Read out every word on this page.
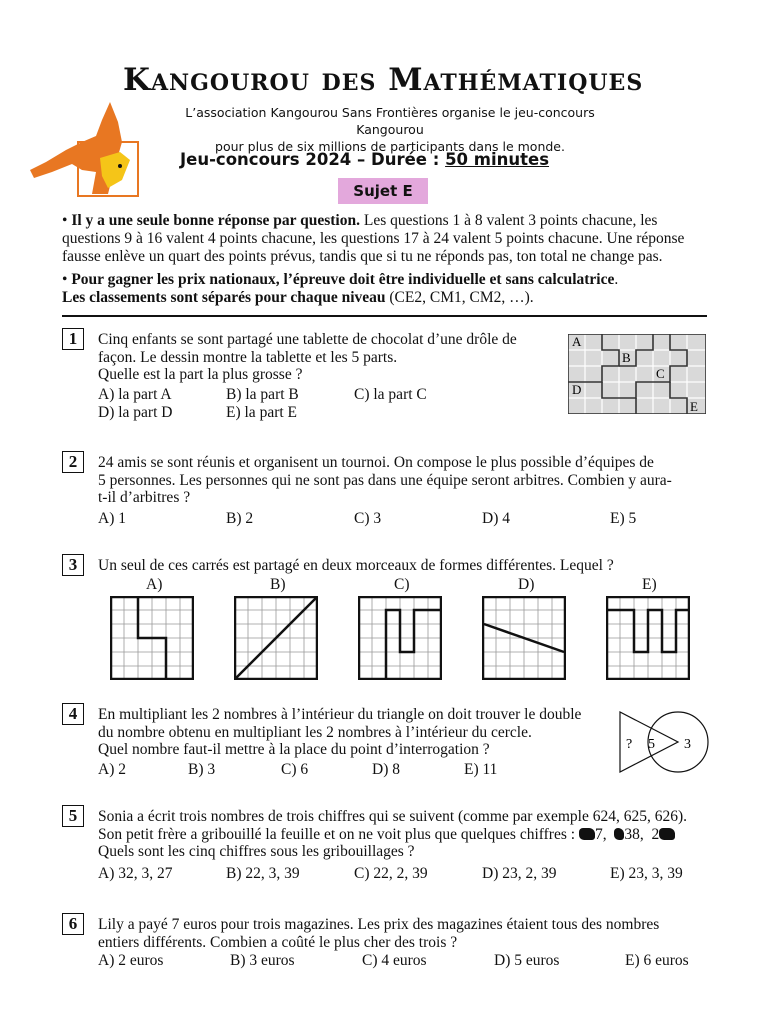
Kangourou des Mathématiques
L’association Kangourou Sans Frontières organise le jeu-concours Kangourou
pour plus de six millions de participants dans le monde.
Jeu-concours 2024 – Durée : 50 minutes
Sujet E
• Il y a une seule bonne réponse par question. Les questions 1 à 8 valent 3 points chacune, les questions 9 à 16 valent 4 points chacune, les questions 17 à 24 valent 5 points chacune. Une réponse fausse enlève un quart des points prévus, tandis que si tu ne réponds pas, ton total ne change pas.
• Pour gagner les prix nationaux, l’épreuve doit être individuelle et sans calculatrice.
Les classements sont séparés pour chaque niveau (CE2, CM1, CM2, …).
1	Cinq enfants se sont partagé une tablette de chocolat d’une drôle de
façon. Le dessin montre la tablette et les 5 parts.
Quelle est la part la plus grosse ?
A) la part A	B) la part B	C) la part C
D) la part D	E) la part E
A
B
C
D
E
2	24 amis se sont réunis et organisent un tournoi. On compose le plus possible d’équipes de
5 personnes. Les personnes qui ne sont pas dans une équipe seront arbitres. Combien y aura-
t-il d’arbitres ?
A) 1	B) 2	C) 3	D) 4	E) 5
3	Un seul de ces carrés est partagé en deux morceaux de formes différentes. Lequel ?
A)	B)	C)	D)	E)
4	En multipliant les 2 nombres à l’intérieur du triangle on doit trouver le double
du nombre obtenu en multipliant les 2 nombres à l’intérieur du cercle.
Quel nombre faut-il mettre à la place du point d’interrogation ?
A) 2	B) 3	C) 6	D) 8	E) 11
? 5 3
5	Sonia a écrit trois nombres de trois chiffres qui se suivent (comme par exemple 624, 625, 626).
Son petit frère a gribouillé la feuille et on ne voit plus que quelques chiffres : 7, 38, 2
Quels sont les cinq chiffres sous les gribouillages ?
A) 32, 3, 27	B) 22, 3, 39	C) 22, 2, 39	D) 23, 2, 39	E) 23, 3, 39
6	Lily a payé 7 euros pour trois magazines. Les prix des magazines étaient tous des nombres
entiers différents. Combien a coûté le plus cher des trois ?
A) 2 euros	B) 3 euros	C) 4 euros	D) 5 euros	E) 6 euros
